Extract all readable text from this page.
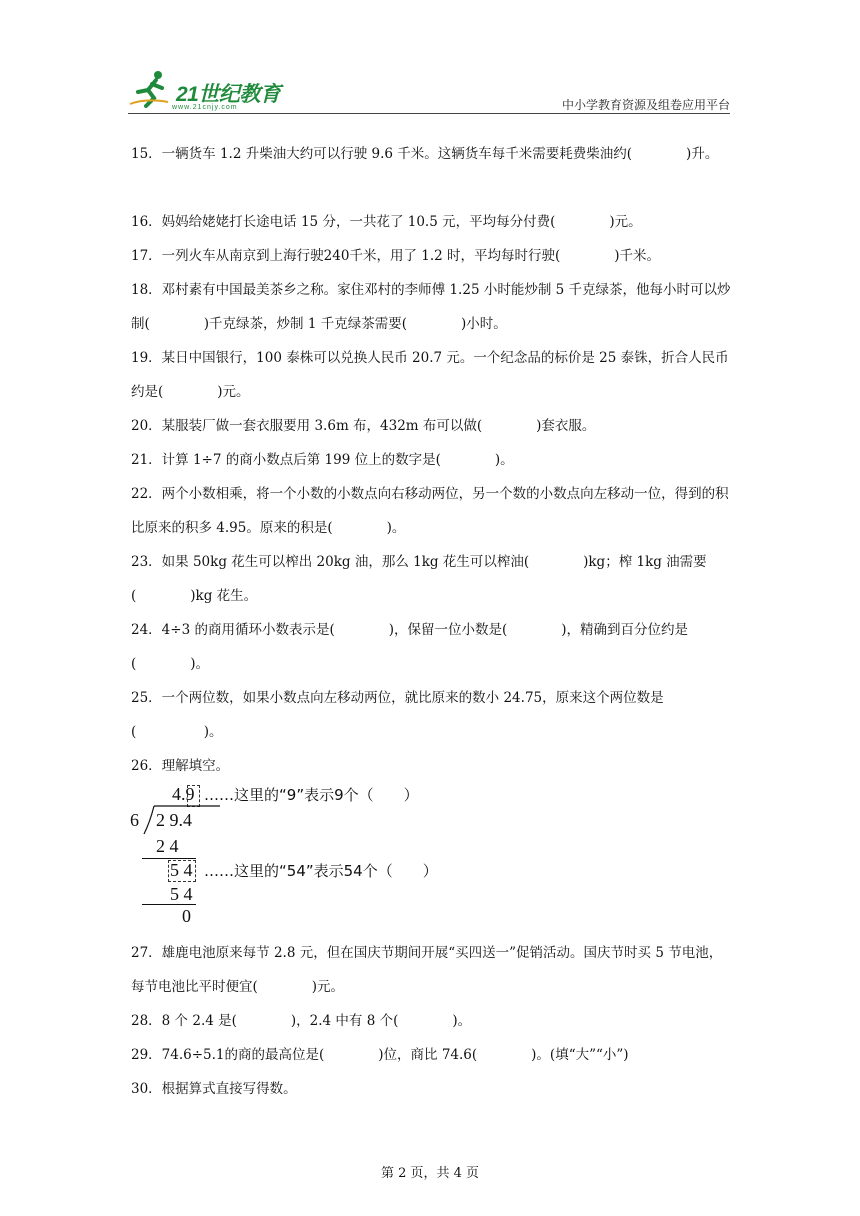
21世纪教育
www.21cnjy.com	中小学教育资源及组卷应用平台
15．一辆货车 1.2 升柴油大约可以行驶 9.6 千米。这辆货车每千米需要耗费柴油约(　　　　)升。
16．妈妈给姥姥打长途电话 15 分，一共花了 10.5 元，平均每分付费(　　　　)元。
17．一列火车从南京到上海行驶240千米，用了 1.2 时，平均每时行驶(　　　　)千米。
18．邓村素有中国最美茶乡之称。家住邓村的李师傅 1.25 小时能炒制 5 千克绿茶，他每小时可以炒制(　　　　)千克绿茶，炒制 1 千克绿茶需要(　　　　)小时。
19．某日中国银行，100 泰株可以兑换人民币 20.7 元。一个纪念品的标价是 25 泰铢，折合人民币约是(　　　　)元。
20．某服装厂做一套衣服要用 3.6m 布，432m 布可以做(　　　　)套衣服。
21．计算 1÷7 的商小数点后第 199 位上的数字是(　　　　)。
22．两个小数相乘，将一个小数的小数点向右移动两位，另一个数的小数点向左移动一位，得到的积比原来的积多 4.95。原来的积是(　　　　)。
23．如果 50kg 花生可以榨出 20kg 油，那么 1kg 花生可以榨油(　　　　)kg；榨 1kg 油需要(　　　　)kg 花生。
24．4÷3 的商用循环小数表示是(　　　　)，保留一位小数是(　　　　)，精确到百分位约是(　　　　)。
25．一个两位数，如果小数点向左移动两位，就比原来的数小 24.75，原来这个两位数是(　　　　　)。
26．理解填空。
4.9 ……这里的“9”表示9个（　　）
6 2 9.4
2 4
5 4 ……这里的“54”表示54个（　　）
5 4
0
27．雄鹿电池原来每节 2.8 元，但在国庆节期间开展“买四送一”促销活动。国庆节时买 5 节电池，每节电池比平时便宜(　　　　)元。
28．8 个 2.4 是(　　　　)，2.4 中有 8 个(　　　　)。
29．74.6÷5.1的商的最高位是(　　　　)位，商比 74.6(　　　　)。(填“大”“小”)
30．根据算式直接写得数。
第 2 页，共 4 页
